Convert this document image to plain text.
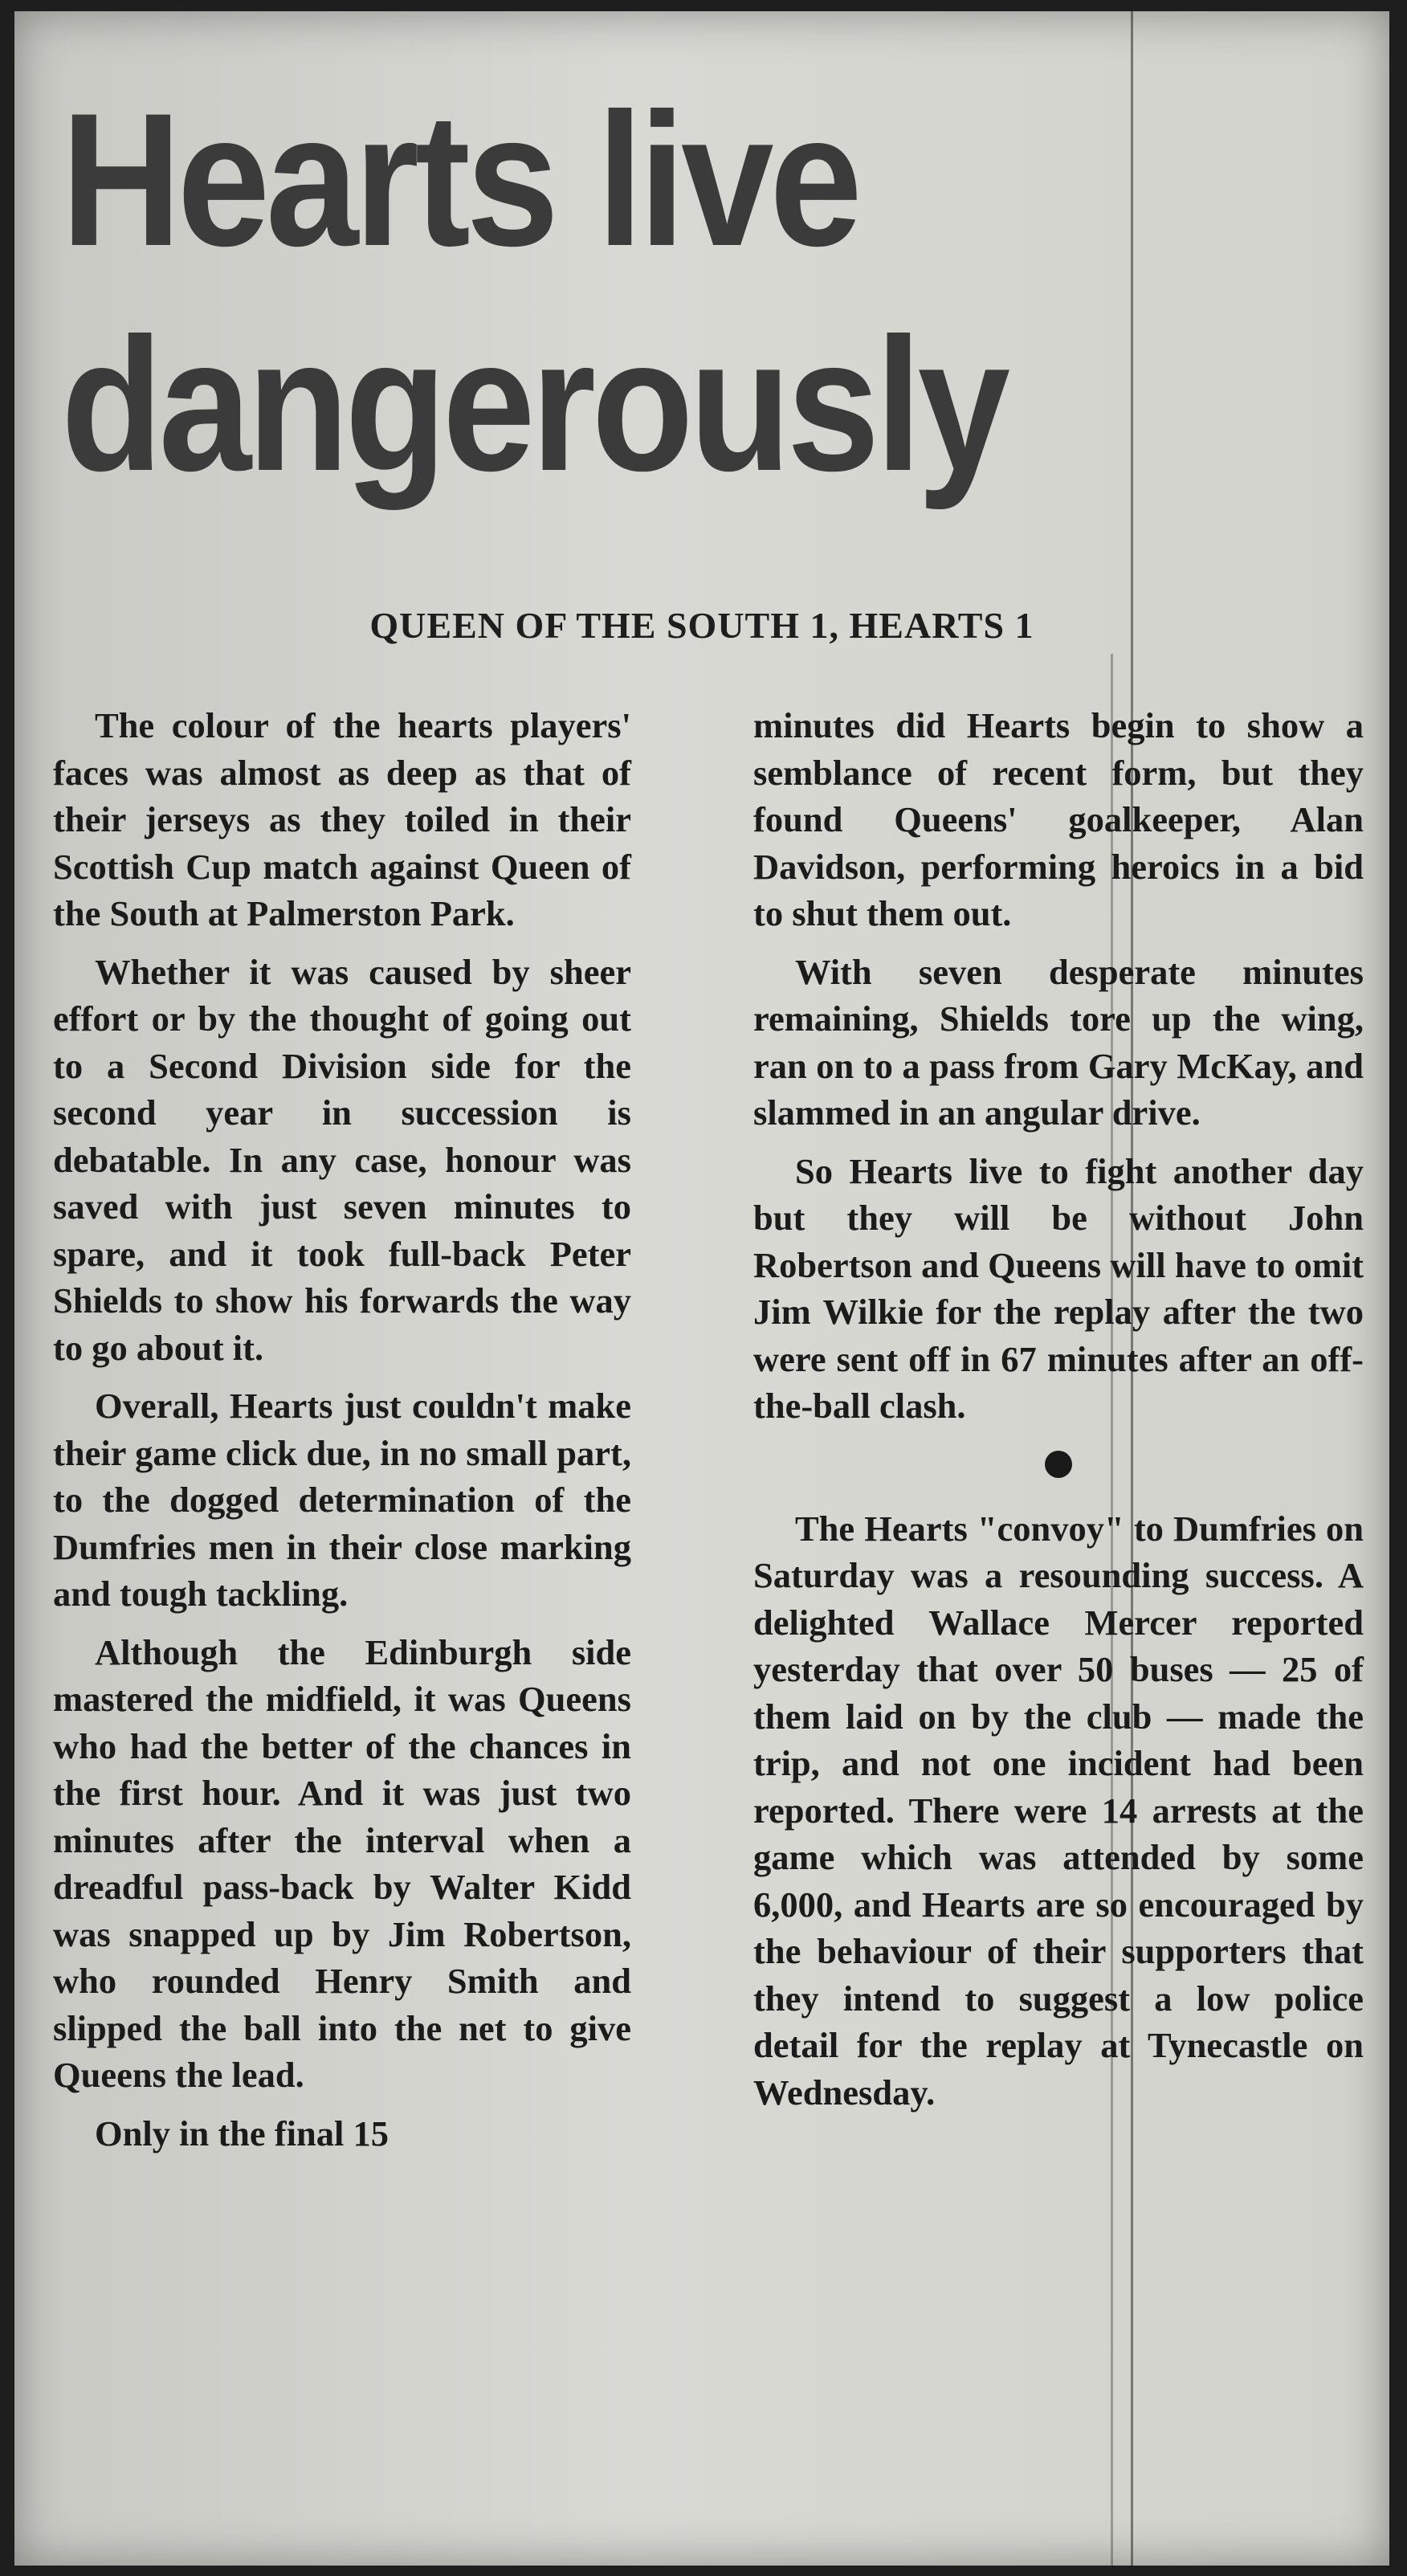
Hearts live
dangerously
QUEEN OF THE SOUTH 1, HEARTS 1

The colour of the hearts players' faces was almost as deep as that of their jerseys as they toiled in their Scottish Cup match against Queen of the South at Palmerston Park.

Whether it was caused by sheer effort or by the thought of going out to a Second Division side for the second year in succession is debatable. In any case, honour was saved with just seven minutes to spare, and it took full-back Peter Shields to show his forwards the way to go about it.

Overall, Hearts just couldn't make their game click due, in no small part, to the dogged determination of the Dumfries men in their close marking and tough tackling.

Although the Edinburgh side mastered the midfield, it was Queens who had the better of the chances in the first hour. And it was just two minutes after the interval when a dreadful pass-back by Walter Kidd was snapped up by Jim Robertson, who rounded Henry Smith and slipped the ball into the net to give Queens the lead.

Only in the final 15

minutes did Hearts begin to show a semblance of recent form, but they found Queens' goalkeeper, Alan Davidson, performing heroics in a bid to shut them out.

With seven desperate minutes remaining, Shields tore up the wing, ran on to a pass from Gary McKay, and slammed in an angular drive.

So Hearts live to fight another day but they will be without John Robertson and Queens will have to omit Jim Wilkie for the replay after the two were sent off in 67 minutes after an off-the-ball clash.

The Hearts "convoy" to Dumfries on Saturday was a resounding success. A delighted Wallace Mercer reported yesterday that over 50 buses — 25 of them laid on by the club — made the trip, and not one incident had been reported. There were 14 arrests at the game which was attended by some 6,000, and Hearts are so encouraged by the behaviour of their supporters that they intend to suggest a low police detail for the replay at Tynecastle on Wednesday.
